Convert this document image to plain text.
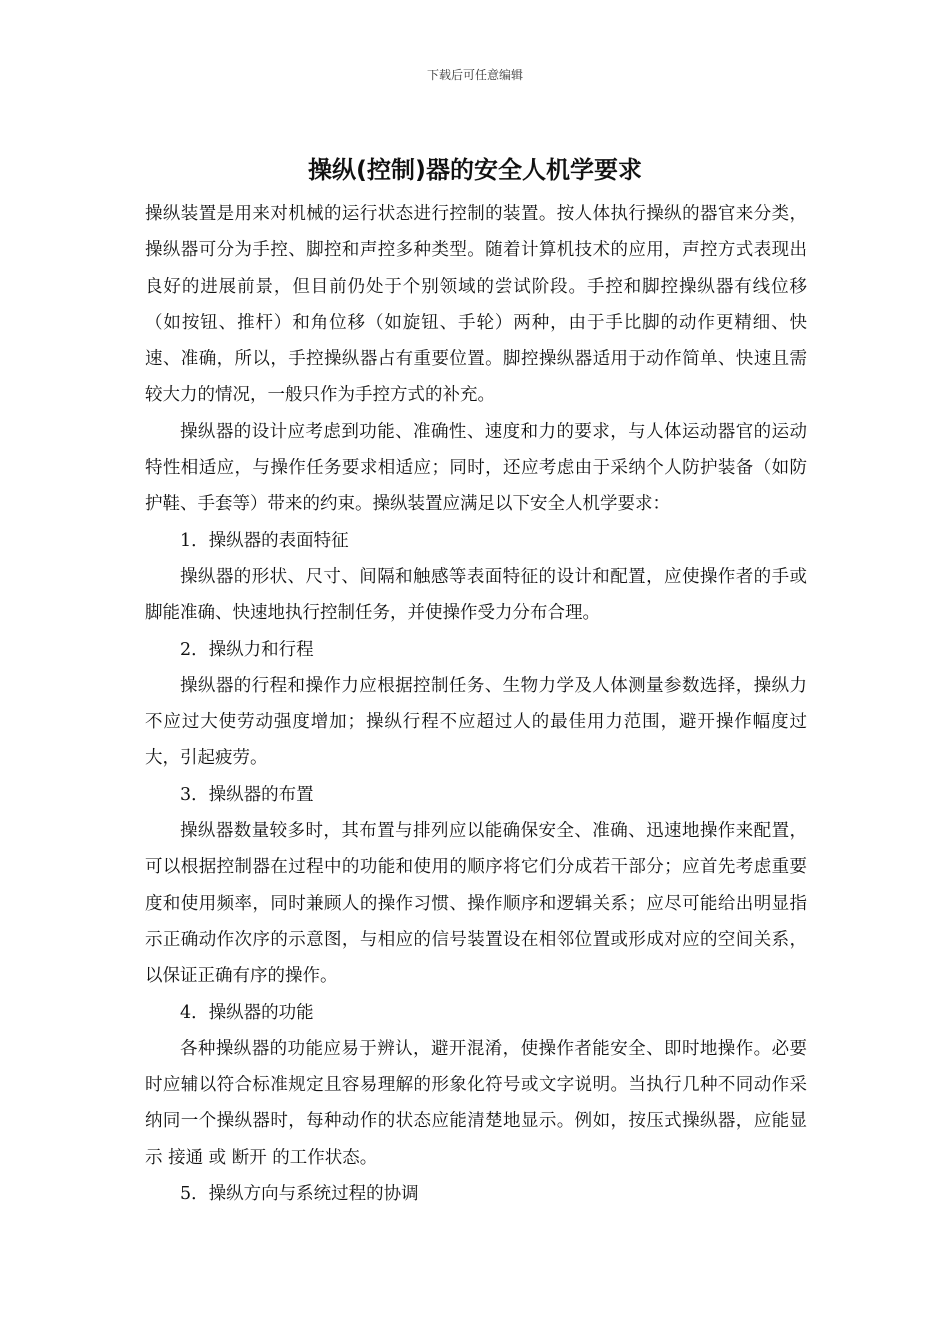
下载后可任意编辑
操纵(控制)器的安全人机学要求

操纵装置是用来对机械的运行状态进行控制的装置。按人体执行操纵的器官来分类，操纵器可分为手控、脚控和声控多种类型。随着计算机技术的应用，声控方式表现出良好的进展前景，但目前仍处于个别领域的尝试阶段。手控和脚控操纵器有线位移（如按钮、推杆）和角位移（如旋钮、手轮）两种，由于手比脚的动作更精细、快速、准确，所以，手控操纵器占有重要位置。脚控操纵器适用于动作简单、快速且需较大力的情况，一般只作为手控方式的补充。

操纵器的设计应考虑到功能、准确性、速度和力的要求，与人体运动器官的运动特性相适应，与操作任务要求相适应；同时，还应考虑由于采纳个人防护装备（如防护鞋、手套等）带来的约束。操纵装置应满足以下安全人机学要求：

1．操纵器的表面特征

操纵器的形状、尺寸、间隔和触感等表面特征的设计和配置，应使操作者的手或脚能准确、快速地执行控制任务，并使操作受力分布合理。

2．操纵力和行程

操纵器的行程和操作力应根据控制任务、生物力学及人体测量参数选择，操纵力不应过大使劳动强度增加；操纵行程不应超过人的最佳用力范围，避开操作幅度过大，引起疲劳。

3．操纵器的布置

操纵器数量较多时，其布置与排列应以能确保安全、准确、迅速地操作来配置，可以根据控制器在过程中的功能和使用的顺序将它们分成若干部分；应首先考虑重要度和使用频率，同时兼顾人的操作习惯、操作顺序和逻辑关系；应尽可能给出明显指示正确动作次序的示意图，与相应的信号装置设在相邻位置或形成对应的空间关系，以保证正确有序的操作。

4．操纵器的功能

各种操纵器的功能应易于辨认，避开混淆，使操作者能安全、即时地操作。必要时应辅以符合标准规定且容易理解的形象化符号或文字说明。当执行几种不同动作采纳同一个操纵器时，每种动作的状态应能清楚地显示。例如，按压式操纵器，应能显示 接通 或 断开 的工作状态。

5．操纵方向与系统过程的协调
